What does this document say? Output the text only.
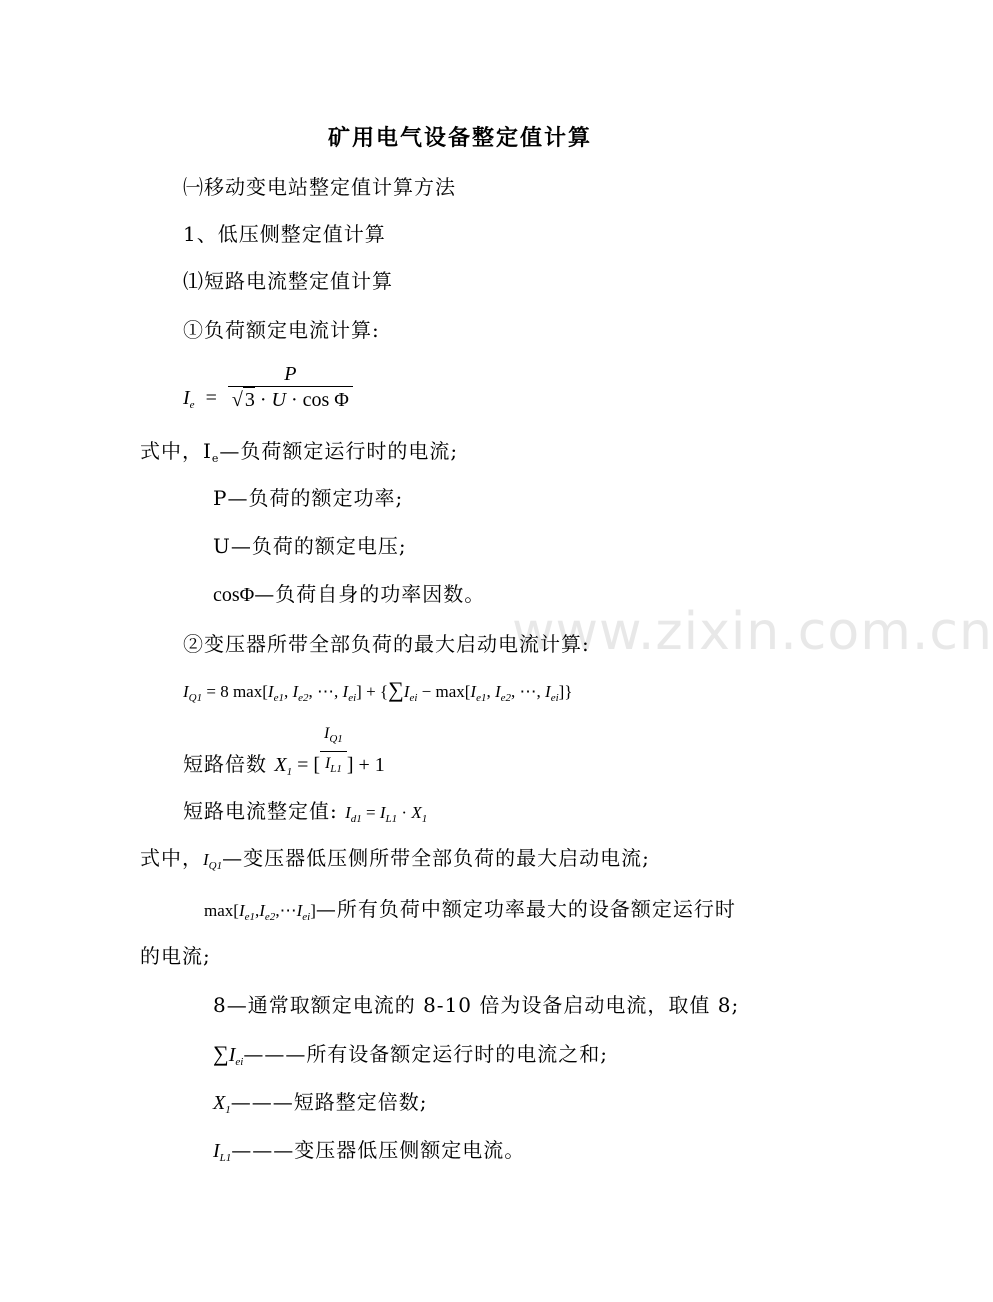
www.zixin.com.cn
矿用电气设备整定值计算
㈠移动变电站整定值计算方法
1、低压侧整定值计算
⑴短路电流整定值计算
①负荷额定电流计算:
$I_e = \frac{P}{\text{√ 3 · U · cos Φ}}$
式中，$I_e—$负荷额定运行时的电流;
P—负荷的额定功率;
U—负荷的额定电压;
cosΦ—负荷自身的功率因数。
②变压器所带全部负荷的最大启动电流计算:
$I_{Q1} = 8$ $\max[I_{e1}$, $I_{e2}$, ⋯, $I_{ei}] + \{\sum I_{ei} - \max[I_{e1}$, $I_{e2}$, ⋯, $I_{ei}$]}
短路倍数 $X_1$ = [ $\frac{I_{Q1}}{I_{L1}}$ ] + 1
短路电流整定值: $I_{d1} = I_{L1} \cdot X_1$
式中，$I_{Q1}—$变压器低压侧所带全部负荷的最大启动电流;
$\max[I_{e1},I_{e2},\cdots I_{ei}]—$所有负荷中额定功率最大的设备额定运行时
的电流;
8—通常取额定电流的 8-10 倍为设备启动电流，取值 8;
$\sum I_{ei}———$所有设备额定运行时的电流之和;
$X_1———$短路整定倍数;
$I_{L1}———$变压器低压侧额定电流。
